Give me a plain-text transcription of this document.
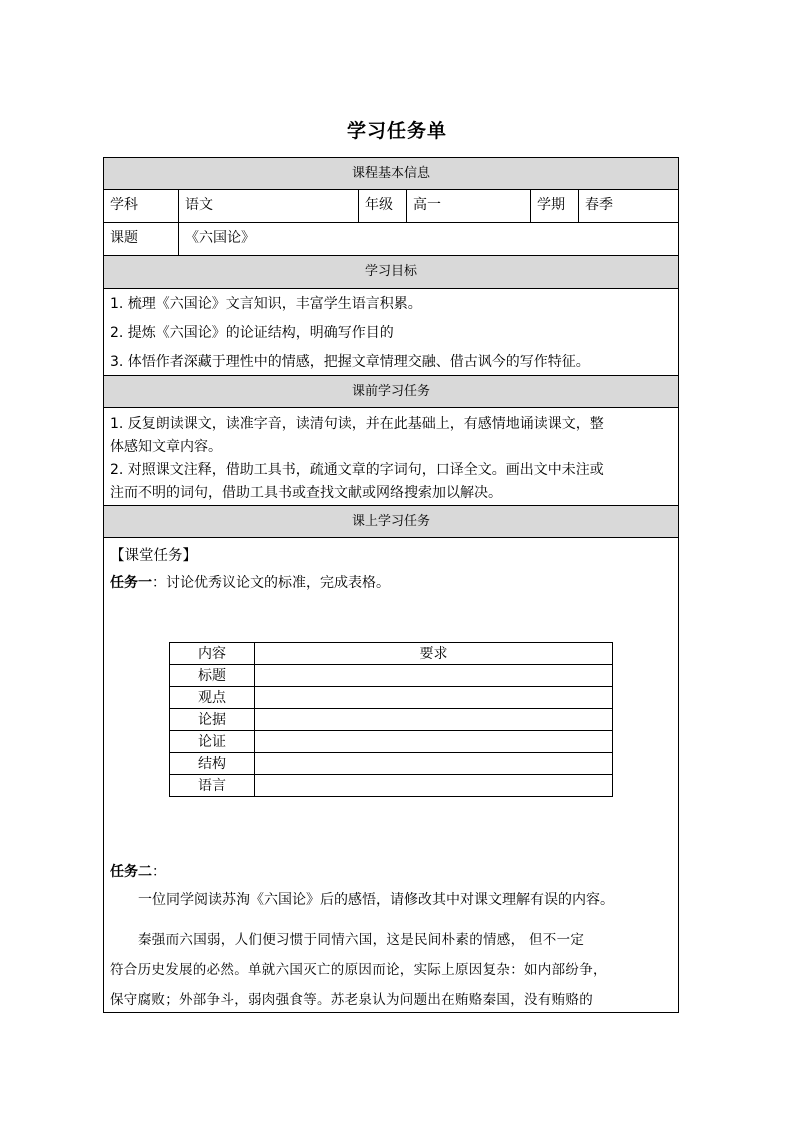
学习任务单
课程基本信息
学科	语文	年级	高一	学期	春季
课题	《六国论》
学习目标
1. 梳理《六国论》文言知识，丰富学生语言积累。
2. 提炼《六国论》的论证结构，明确写作目的
3. 体悟作者深藏于理性中的情感，把握文章情理交融、借古讽今的写作特征。
课前学习任务
1. 反复朗读课文，读准字音，读清句读，并在此基础上，有感情地诵读课文，整
体感知文章内容。
2. 对照课文注释，借助工具书，疏通文章的字词句，口译全文。画出文中未注或
注而不明的词句，借助工具书或查找文献或网络搜索加以解决。
课上学习任务
【课堂任务】
任务一：讨论优秀议论文的标准，完成表格。
内容	要求
标题	
观点	
论据	
论证	
结构	
语言	
任务二：
一位同学阅读苏洵《六国论》后的感悟，请修改其中对课文理解有误的内容。
秦强而六国弱，人们便习惯于同情六国，这是民间朴素的情感， 但不一定
符合历史发展的必然。单就六国灭亡的原因而论，实际上原因复杂：如内部纷争，
保守腐败；外部争斗，弱肉强食等。苏老泉认为问题出在贿赂秦国，没有贿赂的
